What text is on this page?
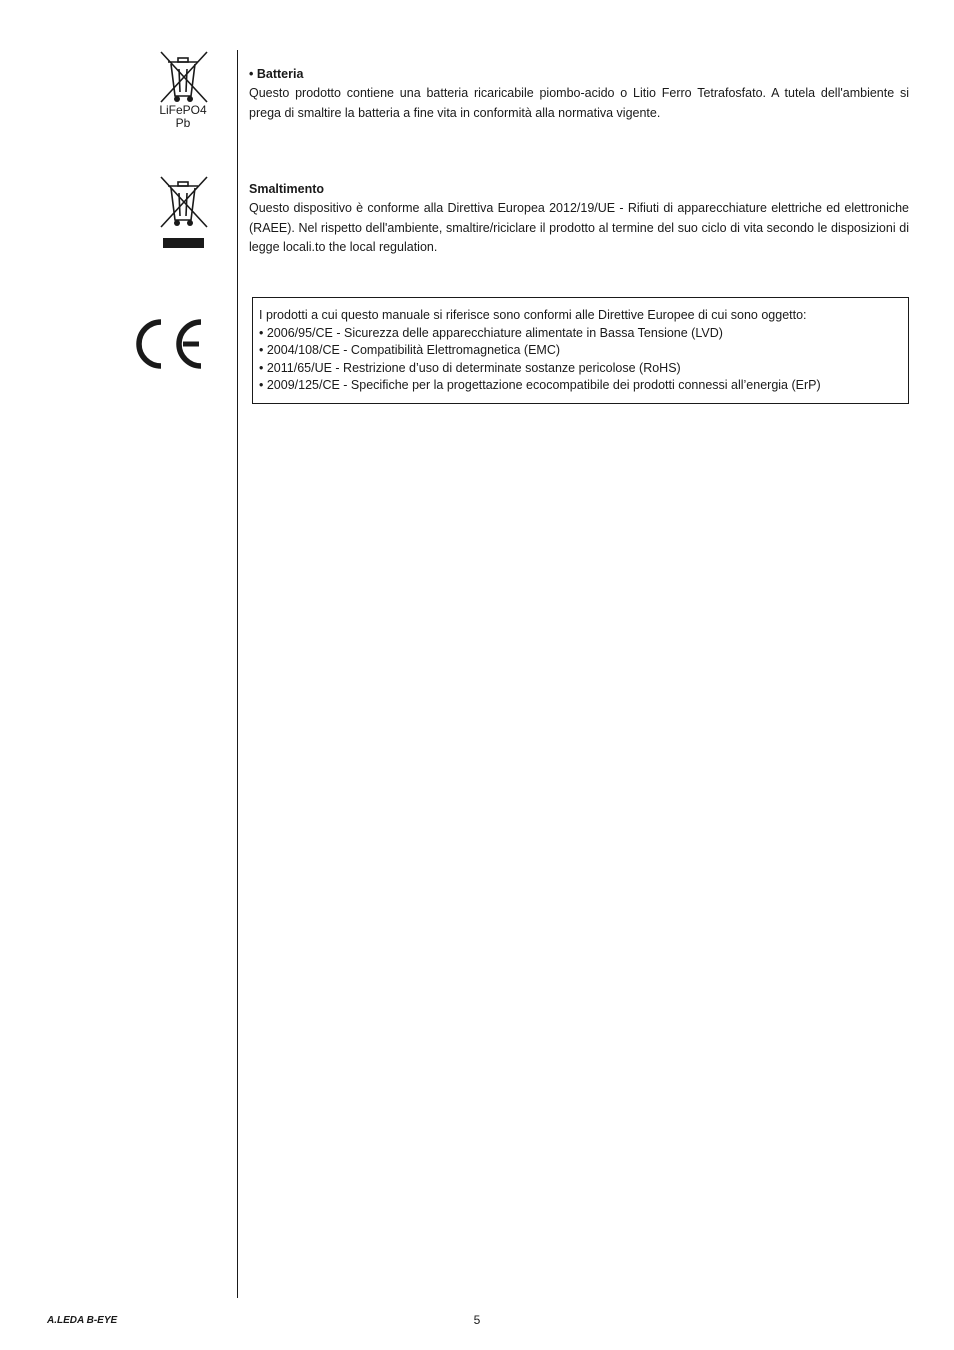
LiFePO4
Pb
• Batteria

Questo prodotto contiene una batteria ricaricabile piombo-acido o Litio Ferro Tetrafosfato. A tutela dell'ambiente si prega di smaltire la batteria a fine vita in conformità alla normativa vigente.

Smaltimento

Questo dispositivo è conforme alla Direttiva Europea 2012/19/UE - Rifiuti di apparecchiature elettriche ed elettroniche (RAEE). Nel rispetto dell'ambiente, smaltire/riciclare il prodotto al termine del suo ciclo di vita secondo le disposizioni di legge locali.to the local regulation.

I prodotti a cui questo manuale si riferisce sono conformi alle Direttive Europee di cui sono oggetto:
• 2006/95/CE - Sicurezza delle apparecchiature alimentate in Bassa Tensione (LVD)
• 2004/108/CE - Compatibilità Elettromagnetica (EMC)
• 2011/65/UE - Restrizione d’uso di determinate sostanze pericolose (RoHS)
• 2009/125/CE - Specifiche per la progettazione ecocompatibile dei prodotti connessi all’energia (ErP)
A.LEDA B-EYE	5
